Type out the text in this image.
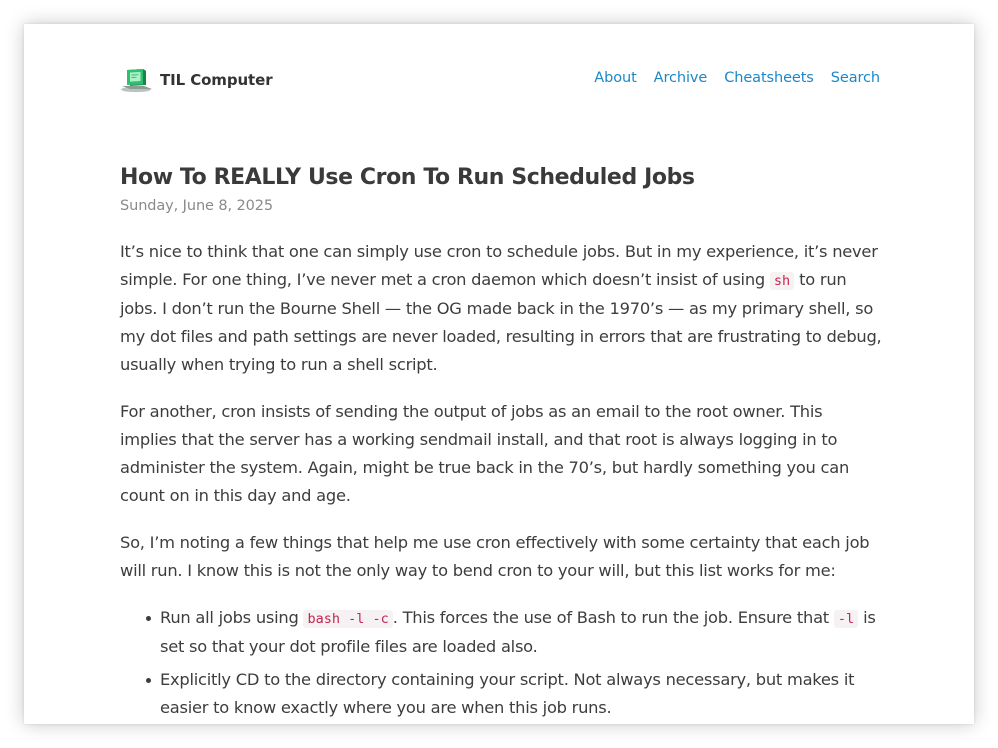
TIL Computer	About Archive Cheatsheets Search
How To REALLY Use Cron To Run Scheduled Jobs
Sunday, June 8, 2025

It’s nice to think that one can simply use cron to schedule jobs. But in my experience, it’s never simple. For one thing, I’ve never met a cron daemon which doesn’t insist of using sh to run jobs. I don’t run the Bourne Shell — the OG made back in the 1970’s — as my primary shell, so my dot files and path settings are never loaded, resulting in errors that are frustrating to debug, usually when trying to run a shell script.

For another, cron insists of sending the output of jobs as an email to the root owner. This implies that the server has a working sendmail install, and that root is always logging in to administer the system. Again, might be true back in the 70’s, but hardly something you can count on in this day and age.

So, I’m noting a few things that help me use cron effectively with some certainty that each job will run. I know this is not the only way to bend cron to your will, but this list works for me:

Run all jobs using bash -l -c . This forces the use of Bash to run the job. Ensure that -l is set so that your dot profile files are loaded also.
Explicitly CD to the directory containing your script. Not always necessary, but makes it easier to know exactly where you are when this job runs.
